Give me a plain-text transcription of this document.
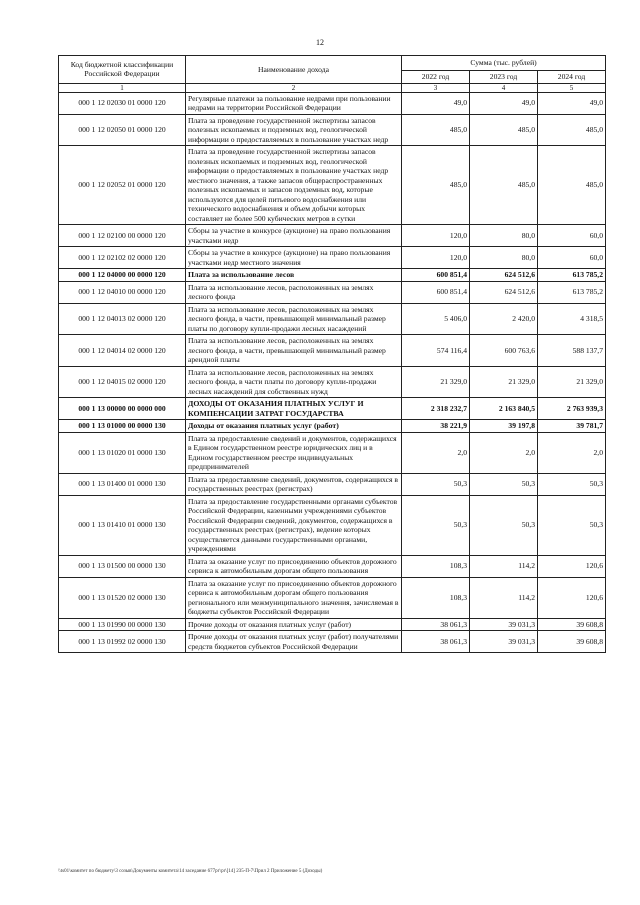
12
Код бюджетной классификации Российской Федерации	Наименование дохода	Сумма (тыс. рублей)		
		2022 год	2023 год	2024 год
1	2	3	4	5
000 1 12 02030 01 0000 120	Регулярные платежи за пользование недрами при пользовании недрами на территории Российской Федерации	49,0	49,0	49,0
000 1 12 02050 01 0000 120	Плата за проведение государственной экспертизы запасов полезных ископаемых и подземных вод, геологической информации о предоставляемых в пользование участках недр	485,0	485,0	485,0
000 1 12 02052 01 0000 120	Плата за проведение государственной экспертизы запасов полезных ископаемых и подземных вод, геологической информации о предоставляемых в пользование участках недр местного значения, а также запасов общераспространенных полезных ископаемых и запасов подземных вод, которые используются для целей питьевого водоснабжения или технического водоснабжения и объем добычи которых составляет не более 500 кубических метров в сутки	485,0	485,0	485,0
000 1 12 02100 00 0000 120	Сборы за участие в конкурсе (аукционе) на право пользования участками недр	120,0	80,0	60,0
000 1 12 02102 02 0000 120	Сборы за участие в конкурсе (аукционе) на право пользования участками недр местного значения	120,0	80,0	60,0
000 1 12 04000 00 0000 120	Плата за использование лесов	600 851,4	624 512,6	613 785,2
000 1 12 04010 00 0000 120	Плата за использование лесов, расположенных на землях лесного фонда	600 851,4	624 512,6	613 785,2
000 1 12 04013 02 0000 120	Плата за использование лесов, расположенных на землях лесного фонда, в части, превышающей минимальный размер платы по договору купли-продажи лесных насаждений	5 406,0	2 420,0	4 318,5
000 1 12 04014 02 0000 120	Плата за использование лесов, расположенных на землях лесного фонда, в части, превышающей минимальный размер арендной платы	574 116,4	600 763,6	588 137,7
000 1 12 04015 02 0000 120	Плата за использование лесов, расположенных на землях лесного фонда, в части платы по договору купли-продажи лесных насаждений для собственных нужд	21 329,0	21 329,0	21 329,0
000 1 13 00000 00 0000 000	ДОХОДЫ ОТ ОКАЗАНИЯ ПЛАТНЫХ УСЛУГ И КОМПЕНСАЦИИ ЗАТРАТ ГОСУДАРСТВА	2 318 232,7	2 163 840,5	2 763 939,3
000 1 13 01000 00 0000 130	Доходы от оказания платных услуг (работ)	38 221,9	39 197,8	39 781,7
000 1 13 01020 01 0000 130	Плата за предоставление сведений и документов, содержащихся в Едином государственном реестре юридических лиц и в Едином государственном реестре индивидуальных предпринимателей	2,0	2,0	2,0
000 1 13 01400 01 0000 130	Плата за предоставление сведений, документов, содержащихся в государственных реестрах (регистрах)	50,3	50,3	50,3
000 1 13 01410 01 0000 130	Плата за предоставление государственными органами субъектов Российской Федерации, казенными учреждениями субъектов Российской Федерации сведений, документов, содержащихся в государственных реестрах (регистрах), ведение которых осуществляется данными государственными органами, учреждениями	50,3	50,3	50,3
000 1 13 01500 00 0000 130	Плата за оказание услуг по присоединению объектов дорожного сервиса к автомобильным дорогам общего пользования	108,3	114,2	120,6
000 1 13 01520 02 0000 130	Плата за оказание услуг по присоединению объектов дорожного сервиса к автомобильным дорогам общего пользования регионального или межмуниципального значения, зачисляемая в бюджеты субъектов Российской Федерации	108,3	114,2	120,6
000 1 13 01990 00 0000 130	Прочие доходы от оказания платных услуг (работ)	38 061,3	39 031,3	39 608,8
000 1 13 01992 02 0000 130	Прочие доходы от оказания платных услуг (работ) получателями средств бюджетов субъектов Российской Федерации	38 061,3	39 031,3	39 608,8
\\ts01\комитет по бюджету\3 созыв\Документы комитета\14 заседание 677рг\pr\[14] 235-П-7\Прил 2 Приложение 5 (Доходы)
